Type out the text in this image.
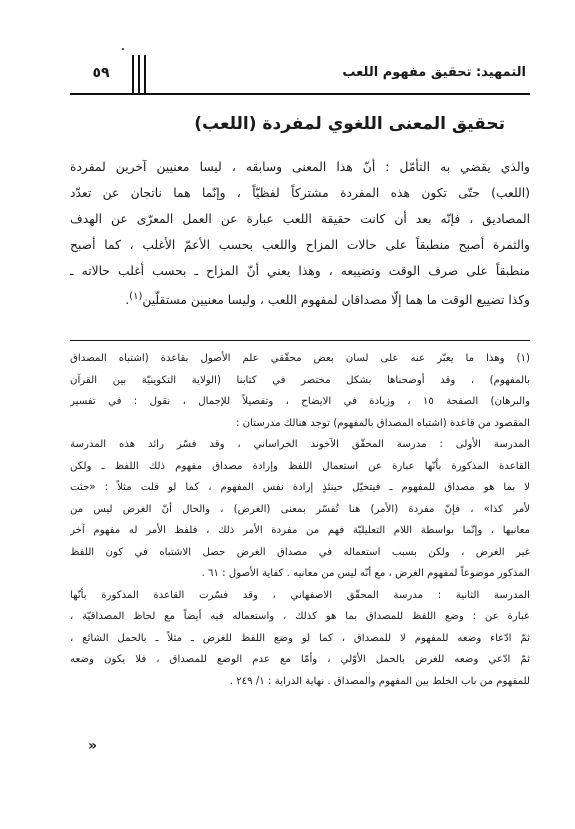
التمهيد: تحقيق مفهوم اللعب
٥٩
تحقيق المعنى اللغوي لمفردة (اللعب)
والذي يقضي به التأمّل : أنّ هذا المعنى وسابقه ، ليسا معنيين آخرين لمفردة
(اللعب) حتّى تكون هذه المفردة مشتركاً لفظيّاً ، وإنّما هما ناتجان عن تعدّد
المصاديق ، فإنّه بعد أن كانت حقيقة اللعب عبارة عن العمل المعرّى عن الهدف
والثمرة أصبح منطبقاً على حالات المزاح واللعب بحسب الأعمّ الأغلب ، كما أصبح
منطبقاً على صرف الوقت وتضييعه ، وهذا يعني أنّ المزاح ـ بحسب أغلب حالاته ـ
وكذا تضييع الوقت ما هما إلّا مصداقان لمفهوم اللعب ، وليسا معنيين مستقلّين$^{(١)}$.
(١) وهذا ما يعبّر عنه على لسان بعض محقّقي علم الأصول بقاعدة (اشتباه المصداق
بالمفهوم) ، وقد أوضحناها بشكل مختصر في كتابنا (الولاية التكوينيّة بين القرآن
والبرهان) الصفحة ١٥ ، وزيادة في الايضاح ، وتفصيلاً للإجمال ، نقول : في تفسير
المقصود من قاعدة (اشتباه المصداق بالمفهوم) توجد هنالك مدرستان :
المدرسة الأولى : مدرسة المحقّق الآخوند الخراساني ، وقد فسّر رائد هذه المدرسة
القاعدة المذكورة بأنّها عبارة عن استعمال اللفظ وإرادة مصداق مفهوم ذلك اللفظ ـ ولكن
لا بما هو مصداق للمفهوم ـ فيتخيّل حينئذٍ إرادة نفس المفهوم ، كما لو قلت مثلاً : «جئت
لأمر كذا» ، فإنّ مفردة (الأمر) هنا تُفسّر بمعنى (الغرض) ، والحال أنّ الغرض ليس من
معانيها ، وإنّما بواسطة اللام التعليليّة فهم من مفردة الأمر ذلك ، فلفظ الأمر له مفهوم آخر
غير الغرض ، ولكن بسبب استعماله في مصداق الغرض حصل الاشتباه في كون اللفظ
المذكور موضوعاً لمفهوم الغرض ، مع أنّه ليس من معانيه . كفاية الأصول : ٦١ .
المدرسة الثانية : مدرسة المحقّق الاصفهاني ، وقد فسّرت القاعدة المذكورة بأنّها
عبارة عن : وضع اللفظ للمصداق بما هو كذلك ، واستعماله فيه أيضاً مع لحاظ المصداقيّة ،
ثمّ ادّعاء وضعه للمفهوم لا للمصداق ، كما لو وضع اللفظ للغرض ـ مثلاً ـ بالحمل الشائع ،
ثمّ ادّعي وضعه للغرض بالحمل الأوّلي ، وأمّا مع عدم الوضع للمصداق ، فلا يكون وضعه
للمفهوم من باب الخلط بين المفهوم والمصداق . نهاية الدراية : ١/ ٢٤٩ .
»
